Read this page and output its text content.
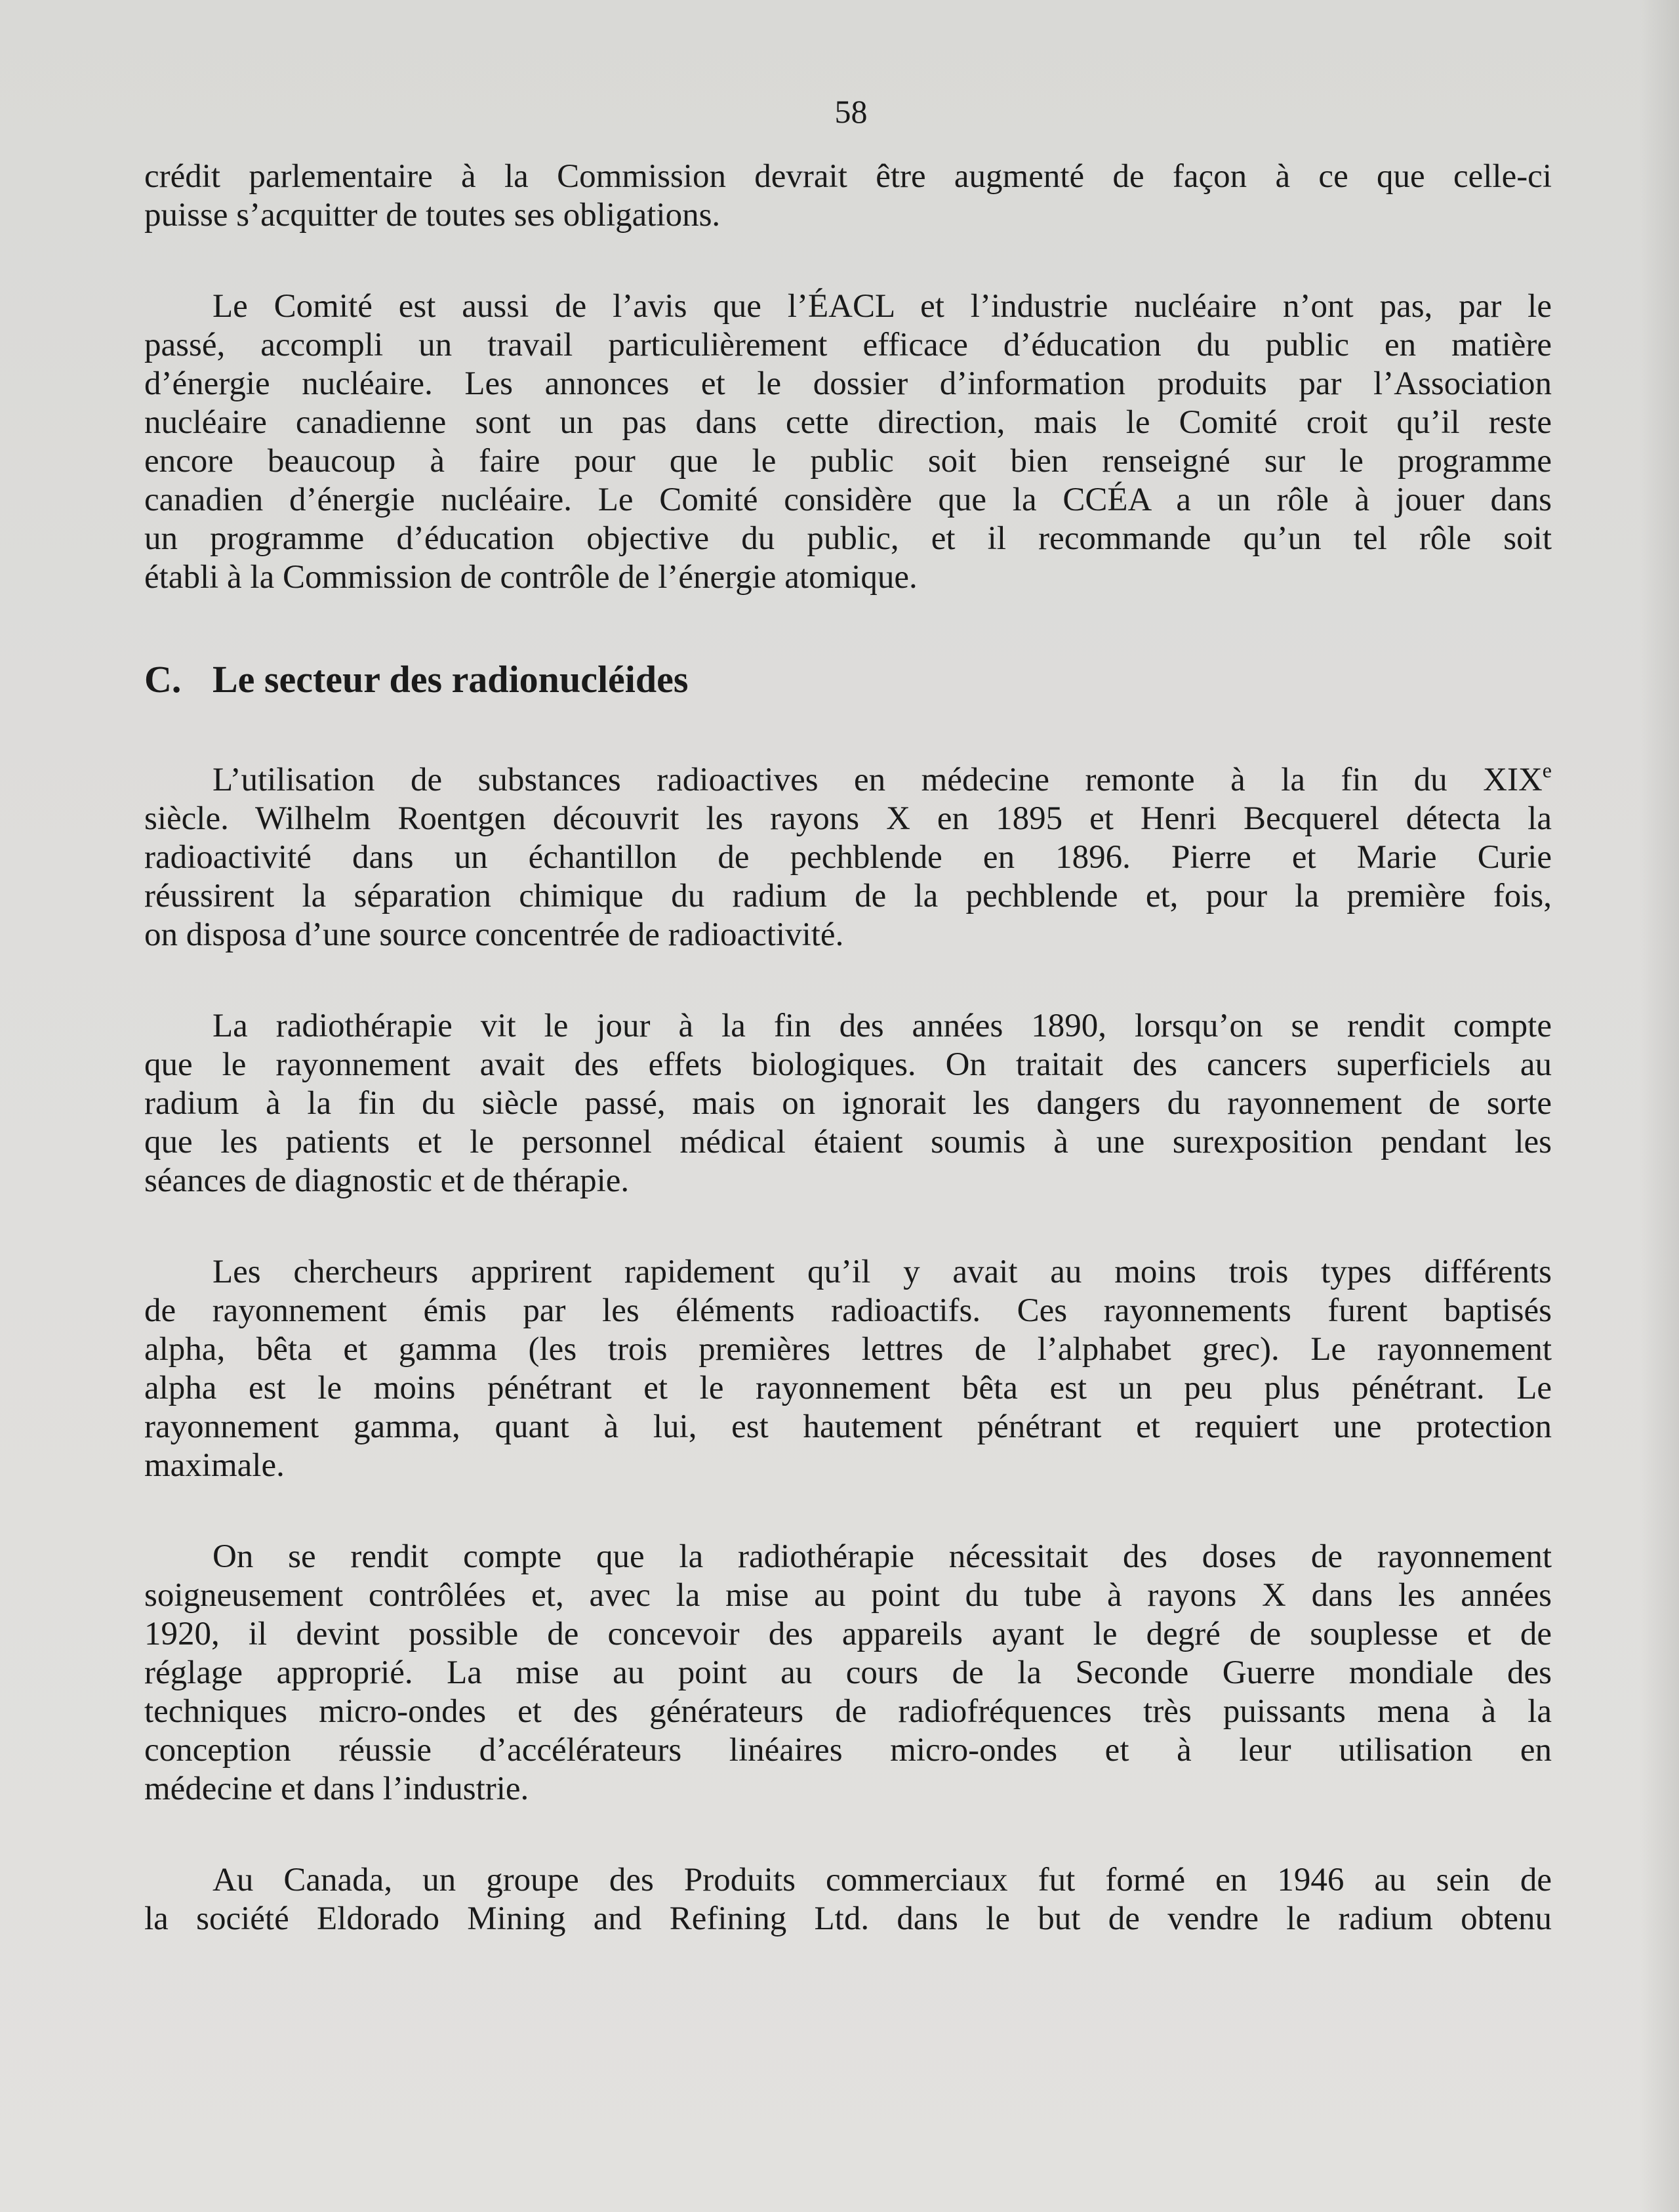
58

crédit parlementaire à la Commission devrait être augmenté de façon à ce que celle-ci
puisse s’acquitter de toutes ses obligations.

Le Comité est aussi de l’avis que l’ÉACL et l’industrie nucléaire n’ont pas, par le
passé, accompli un travail particulièrement efficace d’éducation du public en matière
d’énergie nucléaire. Les annonces et le dossier d’information produits par l’Association
nucléaire canadienne sont un pas dans cette direction, mais le Comité croit qu’il reste
encore beaucoup à faire pour que le public soit bien renseigné sur le programme
canadien d’énergie nucléaire. Le Comité considère que la CCÉA a un rôle à jouer dans
un programme d’éducation objective du public, et il recommande qu’un tel rôle soit
établi à la Commission de contrôle de l’énergie atomique.

C. Le secteur des radionucléides

L’utilisation de substances radioactives en médecine remonte à la fin du XIXe
siècle. Wilhelm Roentgen découvrit les rayons X en 1895 et Henri Becquerel détecta la
radioactivité dans un échantillon de pechblende en 1896. Pierre et Marie Curie
réussirent la séparation chimique du radium de la pechblende et, pour la première fois,
on disposa d’une source concentrée de radioactivité.

La radiothérapie vit le jour à la fin des années 1890, lorsqu’on se rendit compte
que le rayonnement avait des effets biologiques. On traitait des cancers superficiels au
radium à la fin du siècle passé, mais on ignorait les dangers du rayonnement de sorte
que les patients et le personnel médical étaient soumis à une surexposition pendant les
séances de diagnostic et de thérapie.

Les chercheurs apprirent rapidement qu’il y avait au moins trois types différents
de rayonnement émis par les éléments radioactifs. Ces rayonnements furent baptisés
alpha, bêta et gamma (les trois premières lettres de l’alphabet grec). Le rayonnement
alpha est le moins pénétrant et le rayonnement bêta est un peu plus pénétrant. Le
rayonnement gamma, quant à lui, est hautement pénétrant et requiert une protection
maximale.

On se rendit compte que la radiothérapie nécessitait des doses de rayonnement
soigneusement contrôlées et, avec la mise au point du tube à rayons X dans les années
1920, il devint possible de concevoir des appareils ayant le degré de souplesse et de
réglage approprié. La mise au point au cours de la Seconde Guerre mondiale des
techniques micro-ondes et des générateurs de radiofréquences très puissants mena à la
conception réussie d’accélérateurs linéaires micro-ondes et à leur utilisation en
médecine et dans l’industrie.

Au Canada, un groupe des Produits commerciaux fut formé en 1946 au sein de
la société Eldorado Mining and Refining Ltd. dans le but de vendre le radium obtenu
